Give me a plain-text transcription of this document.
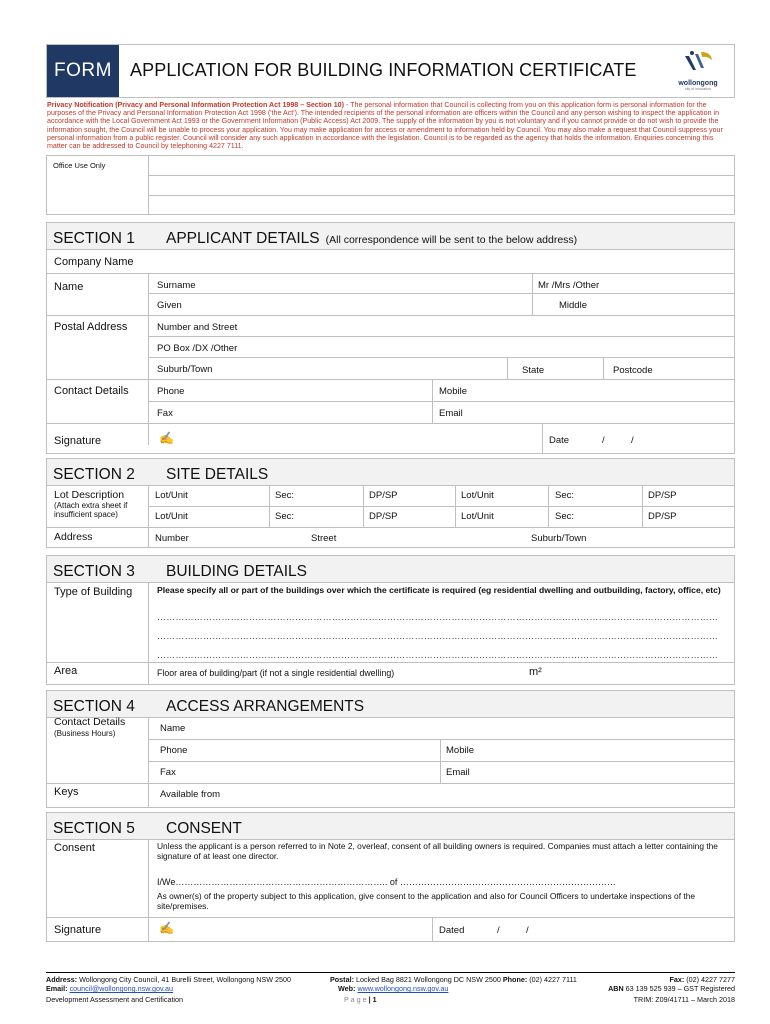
FORM	APPLICATION FOR BUILDING INFORMATION CERTIFICATE
wollongong
city of innovation
Privacy Notification (Privacy and Personal Information Protection Act 1998 – Section 10) - The personal information that Council is collecting from you on this application form is personal information for the purposes of the Privacy and Personal Information Protection Act 1998 ('the Act'). The intended recipients of the personal information are officers within the Council and any person wishing to inspect the application in accordance with the Local Government Act 1993 or the Government Information (Public Access) Act 2009. The supply of the information by you is not voluntary and if you cannot provide or do not wish to provide the information sought, the Council will be unable to process your application. You may make application for access or amendment to information held by Council. You may also make a request that Council suppress your personal information from a public register. Council will consider any such application in accordance with the legislation. Council is to be regarded as the agency that holds the information. Enquiries concerning this matter can be addressed to Council by telephoning 4227 7111.
Office Use Only
SECTION 1 APPLICANT DETAILS (All correspondence will be sent to the below address)
Company Name
Name	Surname	Mr /Mrs /Other
Given	Middle
Postal Address	Number and Street
PO Box /DX /Other
Suburb/Town	State	Postcode
Contact Details	Phone	Mobile
Fax	Email
Signature	✍	Date	/	/
SECTION 2 SITE DETAILS
Lot Description
(Attach extra sheet if insufficient space)
Lot/Unit	Sec:	DP/SP	Lot/Unit	Sec:	DP/SP
Lot/Unit	Sec:	DP/SP	Lot/Unit	Sec:	DP/SP
Address	Number	Street	Suburb/Town
SECTION 3 BUILDING DETAILS
Type of Building	Please specify all or part of the buildings over which the certificate is required (eg residential dwelling and outbuilding, factory, office, etc)
…………………………………………………………………………………………………………………………………………………………………
…………………………………………………………………………………………………………………………………………………………………
…………………………………………………………………………………………………………………………………………………………………
Area	Floor area of building/part (if not a single residential dwelling)	m²
SECTION 4 ACCESS ARRANGEMENTS
Contact Details
(Business Hours)	Name
Phone	Mobile
Fax	Email
Keys	Available from
SECTION 5 CONSENT
Consent	Unless the applicant is a person referred to in Note 2, overleaf, consent of all building owners is required. Companies must attach a letter containing the signature of at least one director.
I/We…………………………………………………………….. of ………………………………………………………………
As owner(s) of the property subject to this application, give consent to the application and also for Council Officers to undertake inspections of the site/premises.
Signature	✍	Dated	/	/
Address: Wollongong City Council, 41 Burelli Street, Wollongong NSW 2500
Email: council@wollongong.nsw.gov.au
Development Assessment and Certification
Postal: Locked Bag 8821 Wollongong DC NSW 2500 Phone: (02) 4227 7111
Web: www.wollongong.nsw.gov.au
P a g e | 1
Fax: (02) 4227 7277
ABN 63 139 525 939 – GST Registered
TRIM: Z09/41711 – March 2018
